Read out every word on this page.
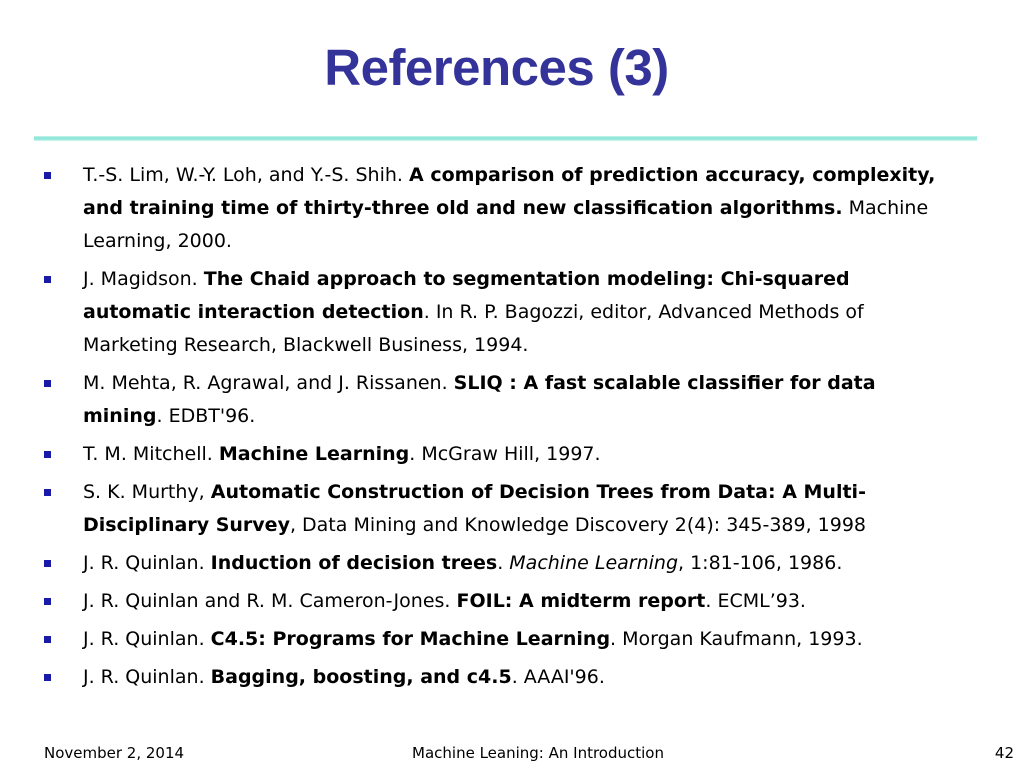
References (3)
T.-S. Lim, W.-Y. Loh, and Y.-S. Shih. A comparison of prediction accuracy, complexity, and training time of thirty-three old and new classification algorithms. Machine Learning, 2000.
J. Magidson. The Chaid approach to segmentation modeling: Chi-squared automatic interaction detection. In R. P. Bagozzi, editor, Advanced Methods of Marketing Research, Blackwell Business, 1994.
M. Mehta, R. Agrawal, and J. Rissanen. SLIQ : A fast scalable classifier for data mining. EDBT'96.
T. M. Mitchell. Machine Learning. McGraw Hill, 1997.
S. K. Murthy, Automatic Construction of Decision Trees from Data: A Multi-Disciplinary Survey, Data Mining and Knowledge Discovery 2(4): 345-389, 1998
J. R. Quinlan. Induction of decision trees. Machine Learning, 1:81-106, 1986.
J. R. Quinlan and R. M. Cameron-Jones. FOIL: A midterm report. ECML’93.
J. R. Quinlan. C4.5: Programs for Machine Learning. Morgan Kaufmann, 1993.
J. R. Quinlan. Bagging, boosting, and c4.5. AAAI'96.
November 2, 2014	Machine Leaning: An Introduction	42
